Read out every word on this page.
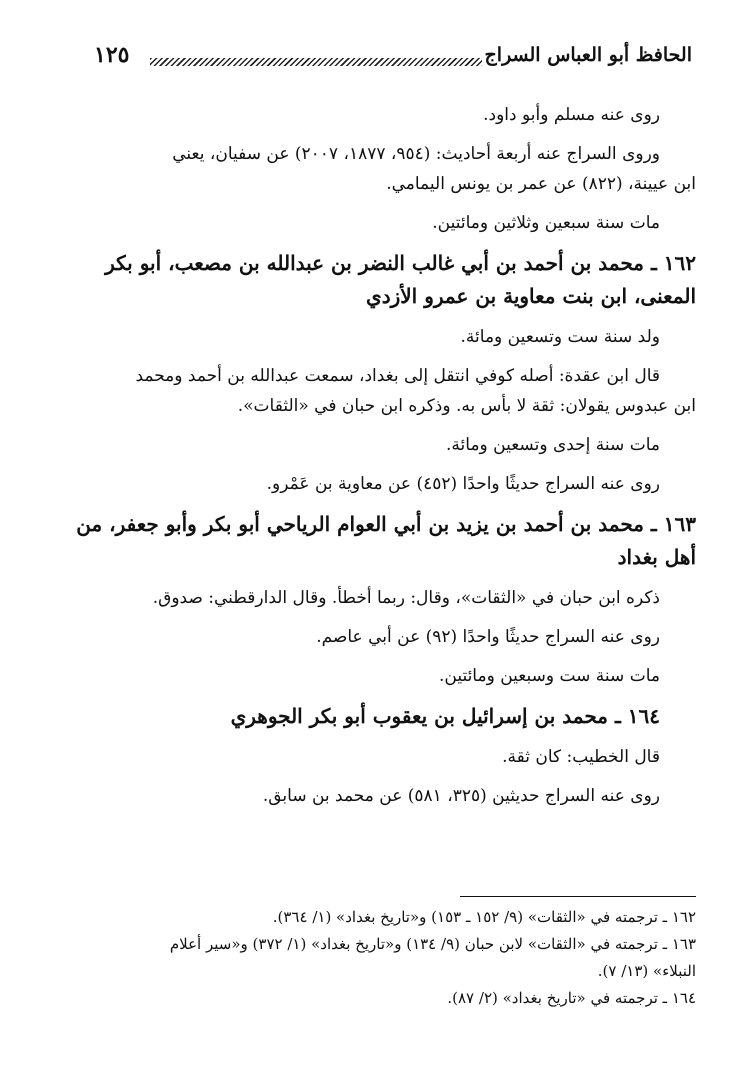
١٢٥	الحافظ أبو العباس السراج

روى عنه مسلم وأبو داود.

وروى السراج عنه أربعة أحاديث: (٩٥٤، ١٨٧٧، ٢٠٠٧) عن سفيان، يعني

ابن عيينة، (٨٢٢) عن عمر بن يونس اليمامي.

مات سنة سبعين وثلاثين ومائتين.

١٦٢ ـ محمد بن أحمد بن أبي غالب النضر بن عبدالله بن مصعب، أبو بكر

المعنى، ابن بنت معاوية بن عمرو الأزدي

ولد سنة ست وتسعين ومائة.

قال ابن عقدة: أصله كوفي انتقل إلى بغداد، سمعت عبدالله بن أحمد ومحمد

ابن عبدوس يقولان: ثقة لا بأس به. وذكره ابن حبان في «الثقات».

مات سنة إحدى وتسعين ومائة.

روى عنه السراج حديثًا واحدًا (٤٥٢) عن معاوية بن عَمْرو.

١٦٣ ـ محمد بن أحمد بن يزيد بن أبي العوام الرياحي أبو بكر وأبو جعفر، من

أهل بغداد

ذكره ابن حبان في «الثقات»، وقال: ربما أخطأ. وقال الدارقطني: صدوق.

روى عنه السراج حديثًا واحدًا (٩٢) عن أبي عاصم.

مات سنة ست وسبعين ومائتين.

١٦٤ ـ محمد بن إسرائيل بن يعقوب أبو بكر الجوهري

قال الخطيب: كان ثقة.

روى عنه السراج حديثين (٣٢٥، ٥٨١) عن محمد بن سابق.

١٦٢ ـ ترجمته في «الثقات» (٩/ ١٥٢ ـ ١٥٣) و«تاريخ بغداد» (١/ ٣٦٤).

١٦٣ ـ ترجمته في «الثقات» لابن حبان (٩/ ١٣٤) و«تاريخ بغداد» (١/ ٣٧٢) و«سير أعلام

النبلاء» (١٣/ ٧).

١٦٤ ـ ترجمته في «تاريخ بغداد» (٢/ ٨٧).
